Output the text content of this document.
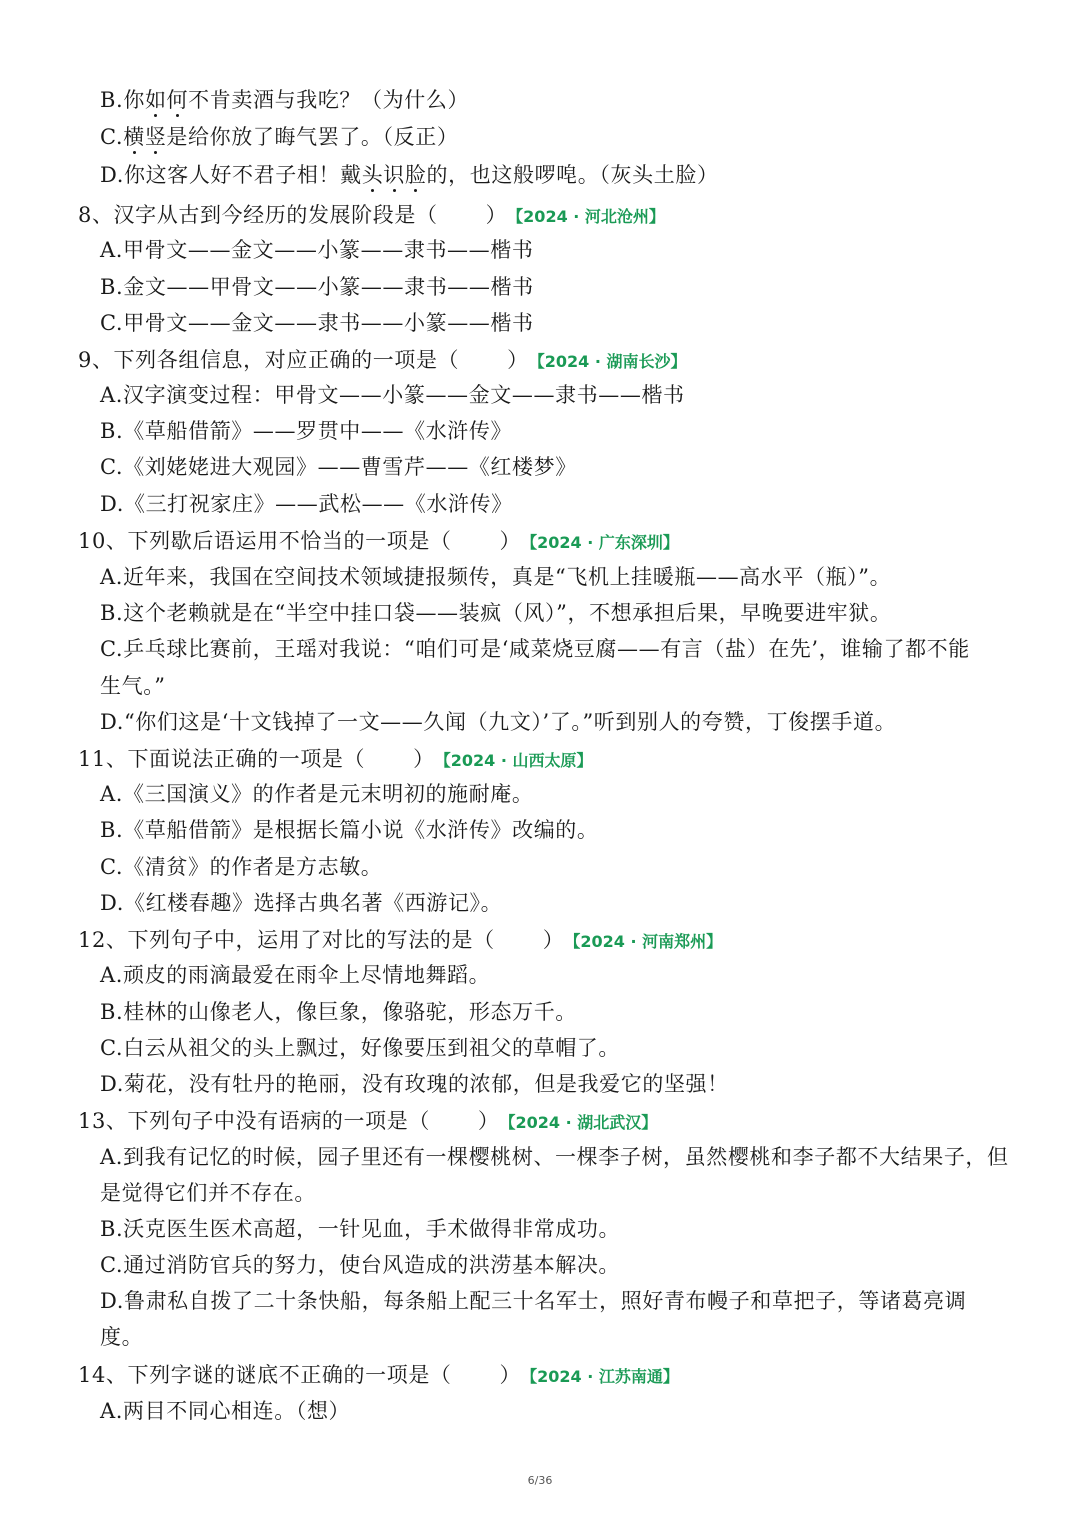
B.你如何不肯卖酒与我吃？（为什么）
C.横竖是给你放了晦气罢了。（反正）
D.你这客人好不君子相！戴头识脸的，也这般啰唣。（灰头土脸）
8、汉字从古到今经历的发展阶段是（ ） 【2024 · 河北沧州】
A.甲骨文——金文——小篆——隶书——楷书
B.金文——甲骨文——小篆——隶书——楷书
C.甲骨文——金文——隶书——小篆——楷书
9、下列各组信息，对应正确的一项是（ ） 【2024 · 湖南长沙】
A.汉字演变过程：甲骨文——小篆——金文——隶书——楷书
B.《草船借箭》——罗贯中——《水浒传》
C.《刘姥姥进大观园》——曹雪芹——《红楼梦》
D.《三打祝家庄》——武松——《水浒传》
10、下列歇后语运用不恰当的一项是（ ） 【2024 · 广东深圳】
A.近年来，我国在空间技术领域捷报频传，真是“飞机上挂暖瓶——高水平（瓶）”。
B.这个老赖就是在“半空中挂口袋——装疯（风）”，不想承担后果，早晚要进牢狱。
C.乒乓球比赛前，王瑶对我说：“咱们可是‘咸菜烧豆腐——有言（盐）在先’，谁输了都不能
生气。”
D.“你们这是‘十文钱掉了一文——久闻（九文）’了。”听到别人的夸赞，丁俊摆手道。
11、下面说法正确的一项是（ ） 【2024 · 山西太原】
A.《三国演义》的作者是元末明初的施耐庵。
B.《草船借箭》是根据长篇小说《水浒传》改编的。
C.《清贫》的作者是方志敏。
D.《红楼春趣》选择古典名著《西游记》。
12、下列句子中，运用了对比的写法的是（ ） 【2024 · 河南郑州】
A.顽皮的雨滴最爱在雨伞上尽情地舞蹈。
B.桂林的山像老人，像巨象，像骆驼，形态万千。
C.白云从祖父的头上飘过，好像要压到祖父的草帽了。
D.菊花，没有牡丹的艳丽，没有玫瑰的浓郁，但是我爱它的坚强！
13、下列句子中没有语病的一项是（ ） 【2024 · 湖北武汉】
A.到我有记忆的时候，园子里还有一棵樱桃树、一棵李子树，虽然樱桃和李子都不大结果子，但
是觉得它们并不存在。
B.沃克医生医术高超，一针见血，手术做得非常成功。
C.通过消防官兵的努力，使台风造成的洪涝基本解决。
D.鲁肃私自拨了二十条快船，每条船上配三十名军士，照好青布幔子和草把子，等诸葛亮调
度。
14、下列字谜的谜底不正确的一项是（ ） 【2024 · 江苏南通】
A.两目不同心相连。（想）
6/36
